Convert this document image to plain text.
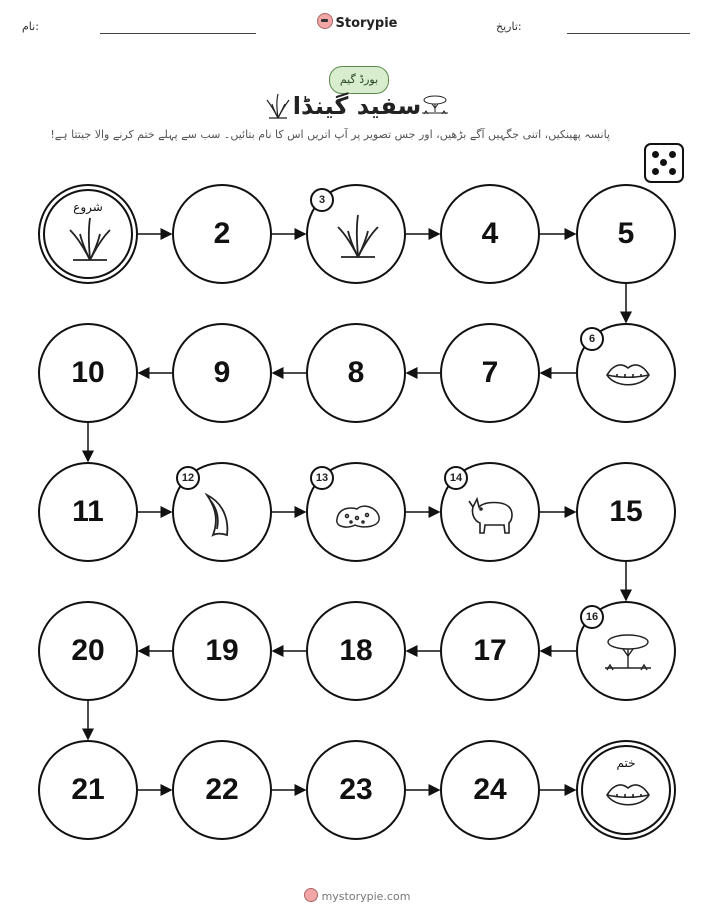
نام:	Storypie	تاریخ:
بورڈ گیم
سفید گینڈا
پانسہ پھینکیں، اتنی جگہیں آگے بڑھیں، اور جس تصویر پر آپ اتریں اس کا نام بتائیں۔ سب سے پہلے ختم کرنے والا جیتتا ہے!
شروع
2
3
4	5
6
7
8
9
10
11
12	13	14
15
16
17
18
19
20
21	22	23	24
ختم
mystorypie.com
